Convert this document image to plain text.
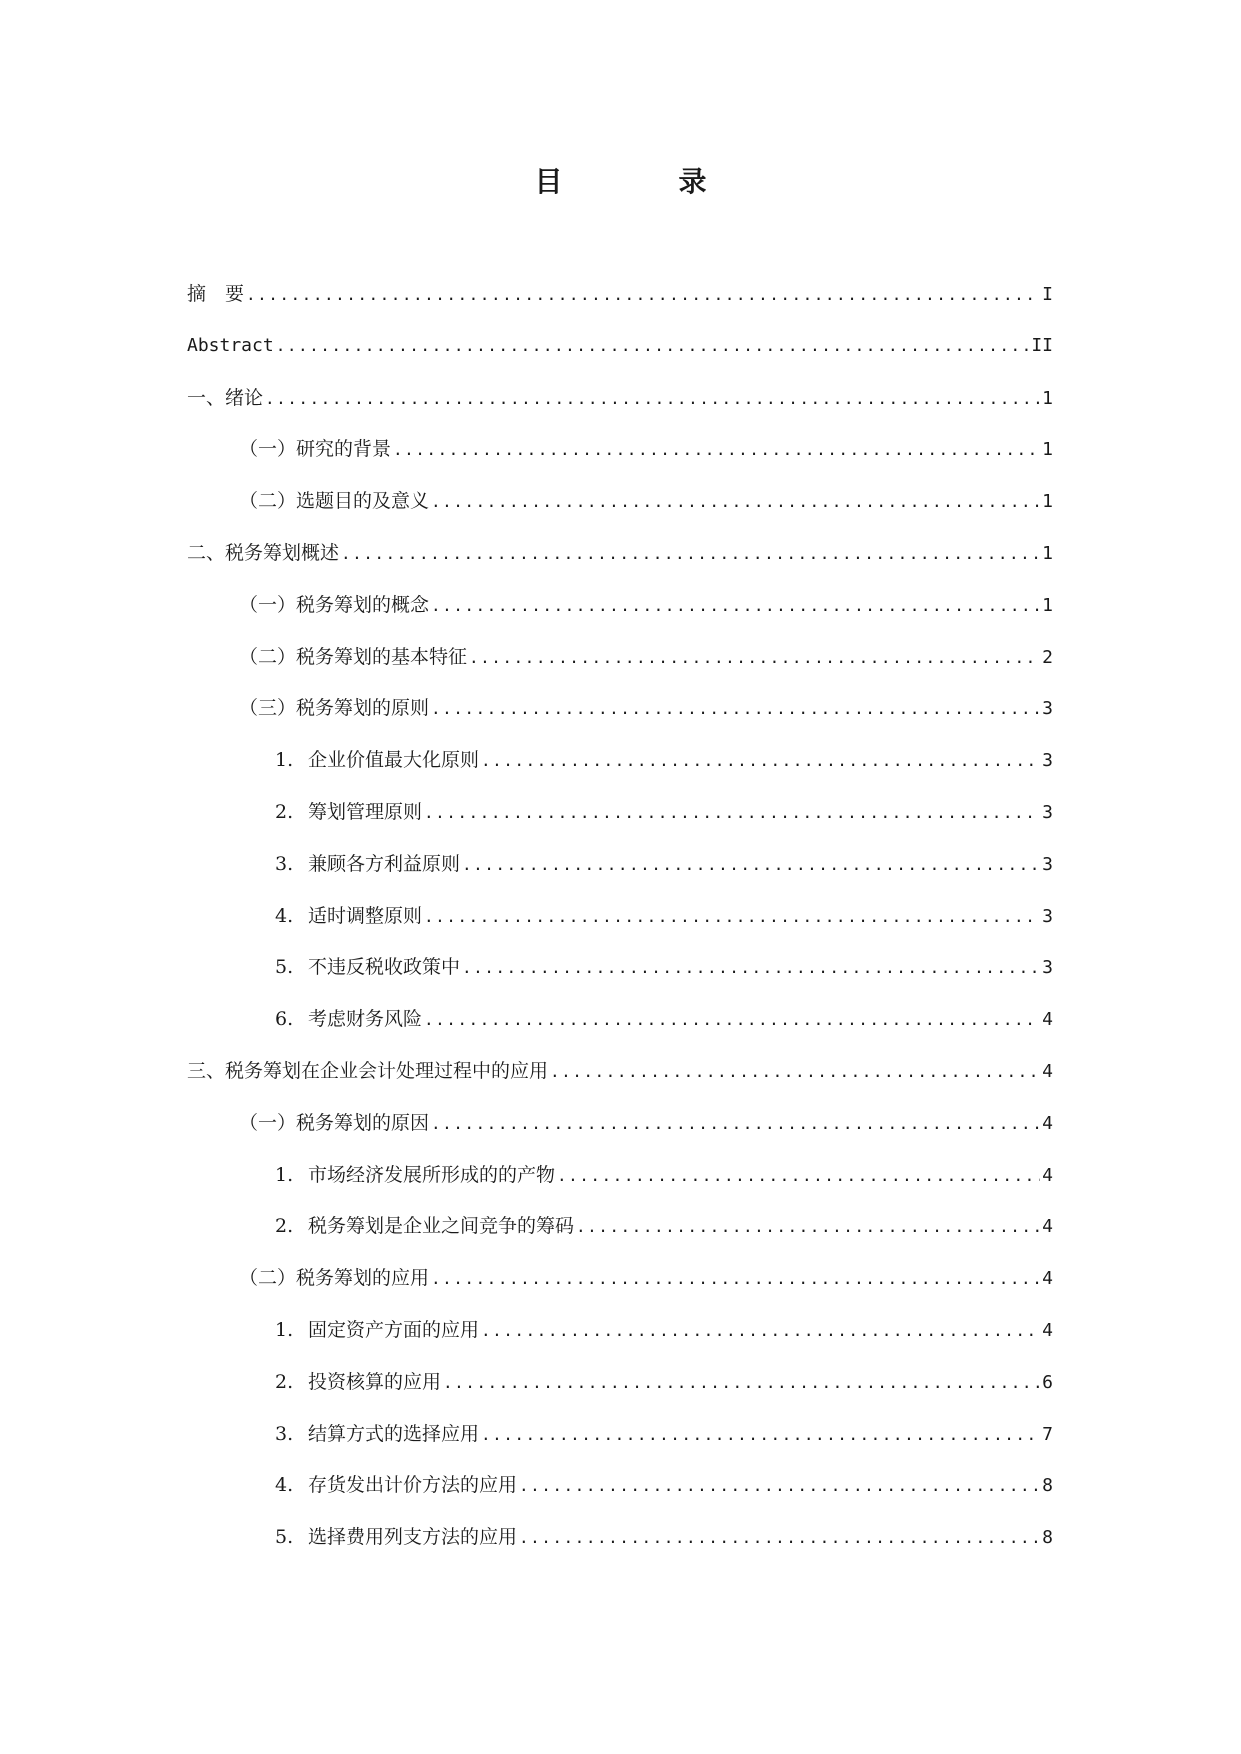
目　录
摘　要 .....	I
Abstract .....	II
一、绪论 .....	1
（一）研究的背景 .....	1
（二）选题目的及意义 .....	1
二、税务筹划概述 .....	1
（一）税务筹划的概念 .....	1
（二）税务筹划的基本特征 .....	2
（三）税务筹划的原则 .....	3
1. 企业价值最大化原则 .....	3
2. 筹划管理原则 .....	3
3. 兼顾各方利益原则 .....	3
4. 适时调整原则 .....	3
5. 不违反税收政策中 .....	3
6. 考虑财务风险 .....	4
三、税务筹划在企业会计处理过程中的应用 .....	4
（一）税务筹划的原因 .....	4
1. 市场经济发展所形成的的产物 .....	4
2. 税务筹划是企业之间竞争的筹码 .....	4
（二）税务筹划的应用 .....	4
1. 固定资产方面的应用 .....	4
2. 投资核算的应用 .....	6
3. 结算方式的选择应用 .....	7
4. 存货发出计价方法的应用 .....	8
5. 选择费用列支方法的应用 .....	8
